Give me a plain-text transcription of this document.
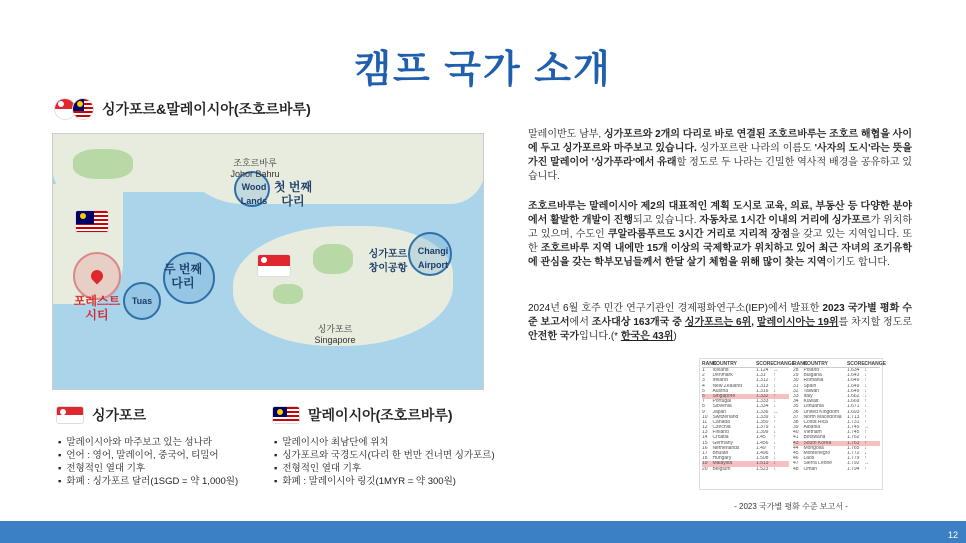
캠프 국가 소개
싱가포르&말레이시아(조호르바루)
조호르바루
Johor Bahru
Wood
Lands
첫 번째
다리
Tuas
두 번째
다리
포레스트
시티
싱가포르
창이공항
Changi
Airport
싱가포르
Singapore
싱가포르
▪ 말레이시아와 마주보고 있는 섬나라
▪ 언어 : 영어, 말레이어, 중국어, 티밀어
▪ 전형적인 열대 기후
▪ 화폐 : 싱가포르 달러(1SGD = 약 1,000원)
말레이시아(조호르바루)
▪ 말레이시아 최남단에 위치
▪ 싱가포르와 국경도시(다리 한 번만 건너면 싱가포르)
▪ 전형적인 열대 기후
▪ 화폐 : 말레이시아 링깃(1MYR = 약 300원)
말레이반도 남부, 싱가포르와 2개의 다리로 바로 연결된 조호르바루는 조호르 해협을 사이에 두고 싱가포르와 마주보고 있습니다. 싱가포르란 나라의 이름도 '사자의 도시'라는 뜻을 가진 말레이어 '싱가푸라'에서 유래할 정도로 두 나라는 긴밀한 역사적 배경을 공유하고 있습니다.
조호르바루는 말레이시아 제2의 대표적인 계획 도시로 교육, 의료, 부동산 등 다양한 분야에서 활발한 개발이 진행되고 있습니다. 자동차로 1시간 이내의 거리에 싱가포르가 위치하고 있으며, 수도인 쿠알라룸푸르도 3시간 거리로 지리적 장점을 갖고 있는 지역입니다. 또한 조호르바루 지역 내에만 15개 이상의 국제학교가 위치하고 있어 최근 자녀의 조기유학에 관심을 갖는 학부모님들께서 한달 살기 체험을 위해 많이 찾는 지역이기도 합니다.
2024년 6월 호주 민간 연구기관인 경제평화연구소(IEP)에서 발표한 2023 국가별 평화 수준 보고서에서 조사대상 163개국 중 싱가포르는 6위, 말레이시아는 19위를 차지할 정도로 안전한 국가입니다.(* 한국은 43위)
RANK
COUNTRY	SCORE CHANGE
1	Iceland	1.124 ↔
2	Denmark	1.31	↑
3	Ireland	1.312 ↑
4	New Zealand	1.313 ↓
5	Austria	1.316 ↓
6	Singapore	1.332 ↑
7	Portugal	1.333 ↓
8	Slovenia	1.334 ↓
9	Japan	1.336 ↔
10 Switzerland	1.339 ↓
11	Canada	1.350 ↑
12 Czechia	1.379 ↓
13 Finland	1.399 ↓
14 Croatia	1.45	↑
15 Germany	1.456 ↓
16 Netherlands	1.49	↑
17 Bhutan	1.496 ↓
18 Hungary	1.508 ↓
19 Malaysia	1.513 ↓
20 Belgium	1.523 ↓
RANK
COUNTRY	SCORE CHANGE
28 Poland	1.634 ↓
29 Bulgaria	1.643 ↓
30 Romania	1.649 ↑
31 Spain	1.649 ↓
32 Taiwan	1.649 ↓
33 Italy	1.662 ↓
34 Kuwait	1.669 ↑
35 Lithuania	1.671 ↓
36 United Kingdom	1.693 ↑
37 North Macedonia	1.713 ↑
38 Costa Rica	1.731 ↑
39 Albania	1.745 ↔
40 Vietnam	1.745 ↑
41 Botswana	1.762 ↓
43 South Korea	1.763 ↑
44 Mongolia	1.765 ↓
45 Montenegro	1.772 ↓
46 Laos	1.779 ↑
47 Sierra Leone	1.792 ↔
48 Oman	1.794 ↑
- 2023 국가별 평화 수준 보고서 -
12
